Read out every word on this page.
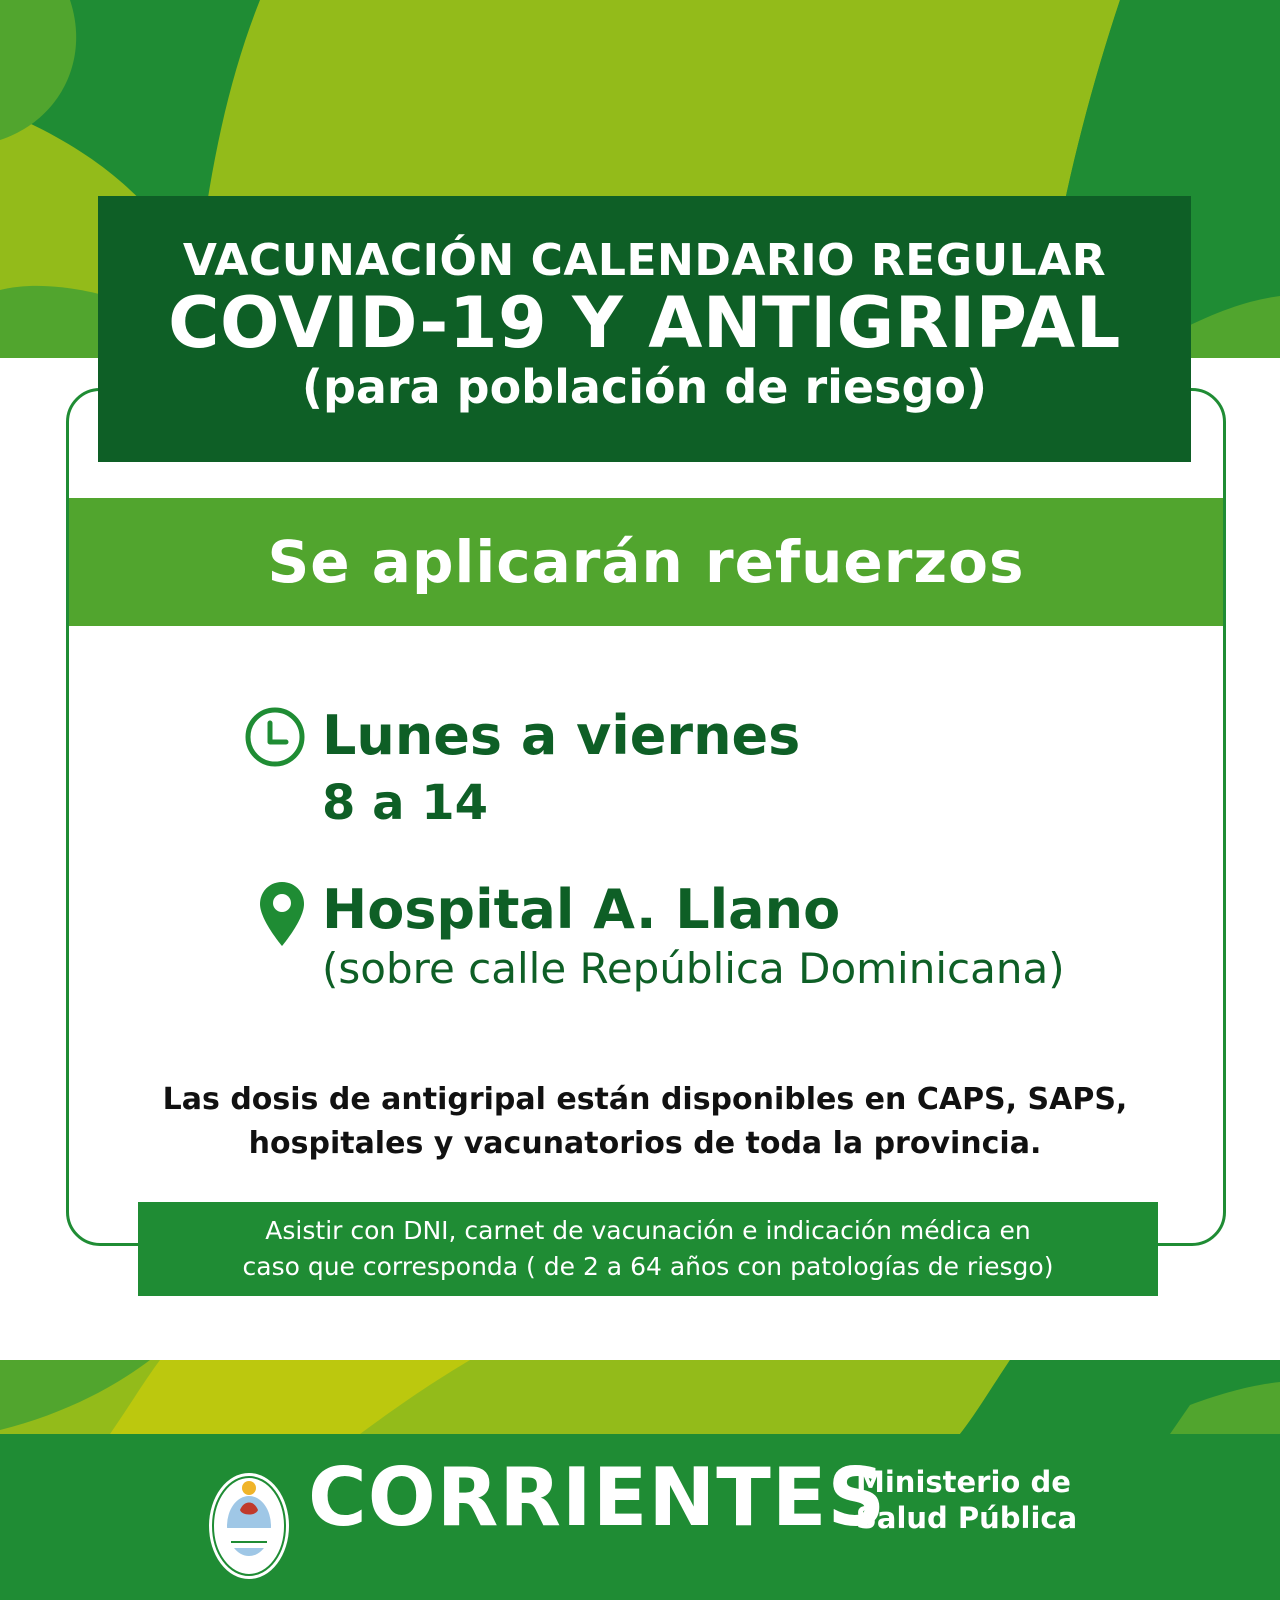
VACUNACIÓN CALENDARIO REGULAR
COVID-19 Y ANTIGRIPAL
(para población de riesgo)
Se aplicarán refuerzos
Lunes a viernes
8 a 14
Hospital A. Llano
(sobre calle República Dominicana)
Las dosis de antigripal están disponibles en CAPS, SAPS,
hospitales y vacunatorios de toda la provincia.
Asistir con DNI, carnet de vacunación e indicación médica en
caso que corresponda ( de 2 a 64 años con patologías de riesgo)
CORRIENTES
Ministerio de
Salud Pública
